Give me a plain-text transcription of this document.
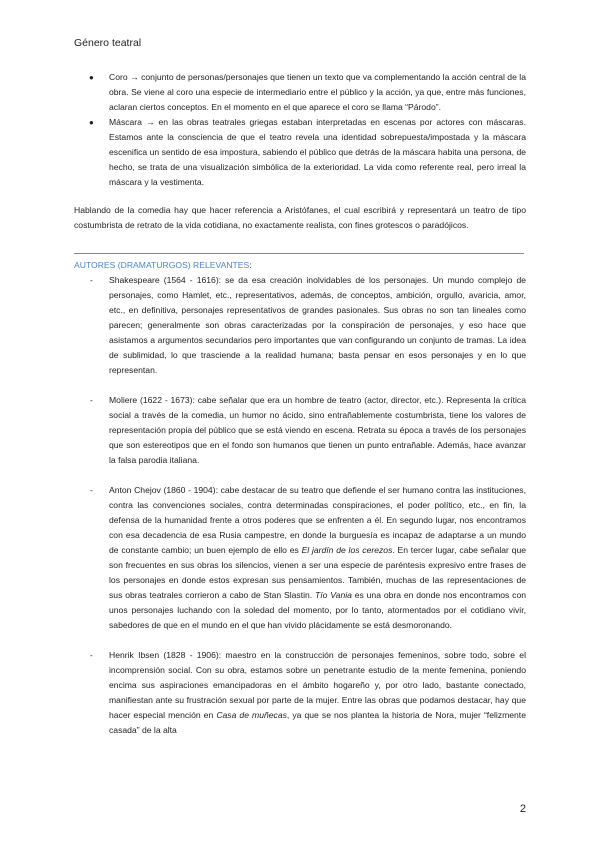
Género teatral
● Coro → conjunto de personas/personajes que tienen un texto que va complementando la acción central de la obra. Se viene al coro una especie de intermediario entre el público y la acción, ya que, entre más funciones, aclaran ciertos conceptos. En el momento en el que aparece el coro se llama “Párodo”.
● Máscara → en las obras teatrales griegas estaban interpretadas en escenas por actores con máscaras. Estamos ante la consciencia de que el teatro revela una identidad sobrepuesta/impostada y la máscara escenifica un sentido de esa impostura, sabiendo el público que detrás de la máscara habita una persona, de hecho, se trata de una visualización simbólica de la exterioridad. La vida como referente real, pero irreal la máscara y la vestimenta.

Hablando de la comedia hay que hacer referencia a Aristófanes, el cual escribirá y representará un teatro de tipo costumbrista de retrato de la vida cotidiana, no exactamente realista, con fines grotescos o paradójicos.

AUTORES (DRAMATURGOS) RELEVANTES:
- Shakespeare (1564 - 1616): se da esa creación inolvidables de los personajes. Un mundo complejo de personajes, como Hamlet, etc., representativos, además, de conceptos, ambición, orgullo, avaricia, amor, etc., en definitiva, personajes representativos de grandes pasionales. Sus obras no son tan lineales como parecen; generalmente son obras caracterizadas por la conspiración de personajes, y eso hace que asistamos a argumentos secundarios pero importantes que van configurando un conjunto de tramas. La idea de sublimidad, lo que trasciende a la realidad humana; basta pensar en esos personajes y en lo que representan.
- Moliere (1622 - 1673): cabe señalar que era un hombre de teatro (actor, director, etc.). Representa la crítica social a través de la comedia, un humor no ácido, sino entrañablemente costumbrista, tiene los valores de representación propia del público que se está viendo en escena. Retrata su época a través de los personajes que son estereotipos que en el fondo son humanos que tienen un punto entrañable. Además, hace avanzar la falsa parodia italiana.
- Anton Chejov (1860 - 1904): cabe destacar de su teatro que defiende el ser humano contra las instituciones, contra las convenciones sociales, contra determinadas conspiraciones, el poder político, etc., en fin, la defensa de la humanidad frente a otros poderes que se enfrenten a él. En segundo lugar, nos encontramos con esa decadencia de esa Rusia campestre, en donde la burguesía es incapaz de adaptarse a un mundo de constante cambio; un buen ejemplo de ello es El jardín de los cerezos. En tercer lugar, cabe señalar que son frecuentes en sus obras los silencios, vienen a ser una especie de paréntesis expresivo entre frases de los personajes en donde estos expresan sus pensamientos. También, muchas de las representaciones de sus obras teatrales corrieron a cabo de Stan Slastin. Tío Vania es una obra en donde nos encontramos con unos personajes luchando con la soledad del momento, por lo tanto, atormentados por el cotidiano vivir, sabedores de que en el mundo en el que han vivido plácidamente se está desmoronando.
- Henrik Ibsen (1828 - 1906): maestro en la construcción de personajes femeninos, sobre todo, sobre el incomprensión social. Con su obra, estamos sobre un penetrante estudio de la mente femenina, poniendo encima sus aspiraciones emancipadoras en el ámbito hogareño y, por otro lado, bastante conectado, manifiestan ante su frustración sexual por parte de la mujer. Entre las obras que podamos destacar, hay que hacer especial mención en Casa de muñecas, ya que se nos plantea la historia de Nora, mujer “felizmente casada” de la alta
2
